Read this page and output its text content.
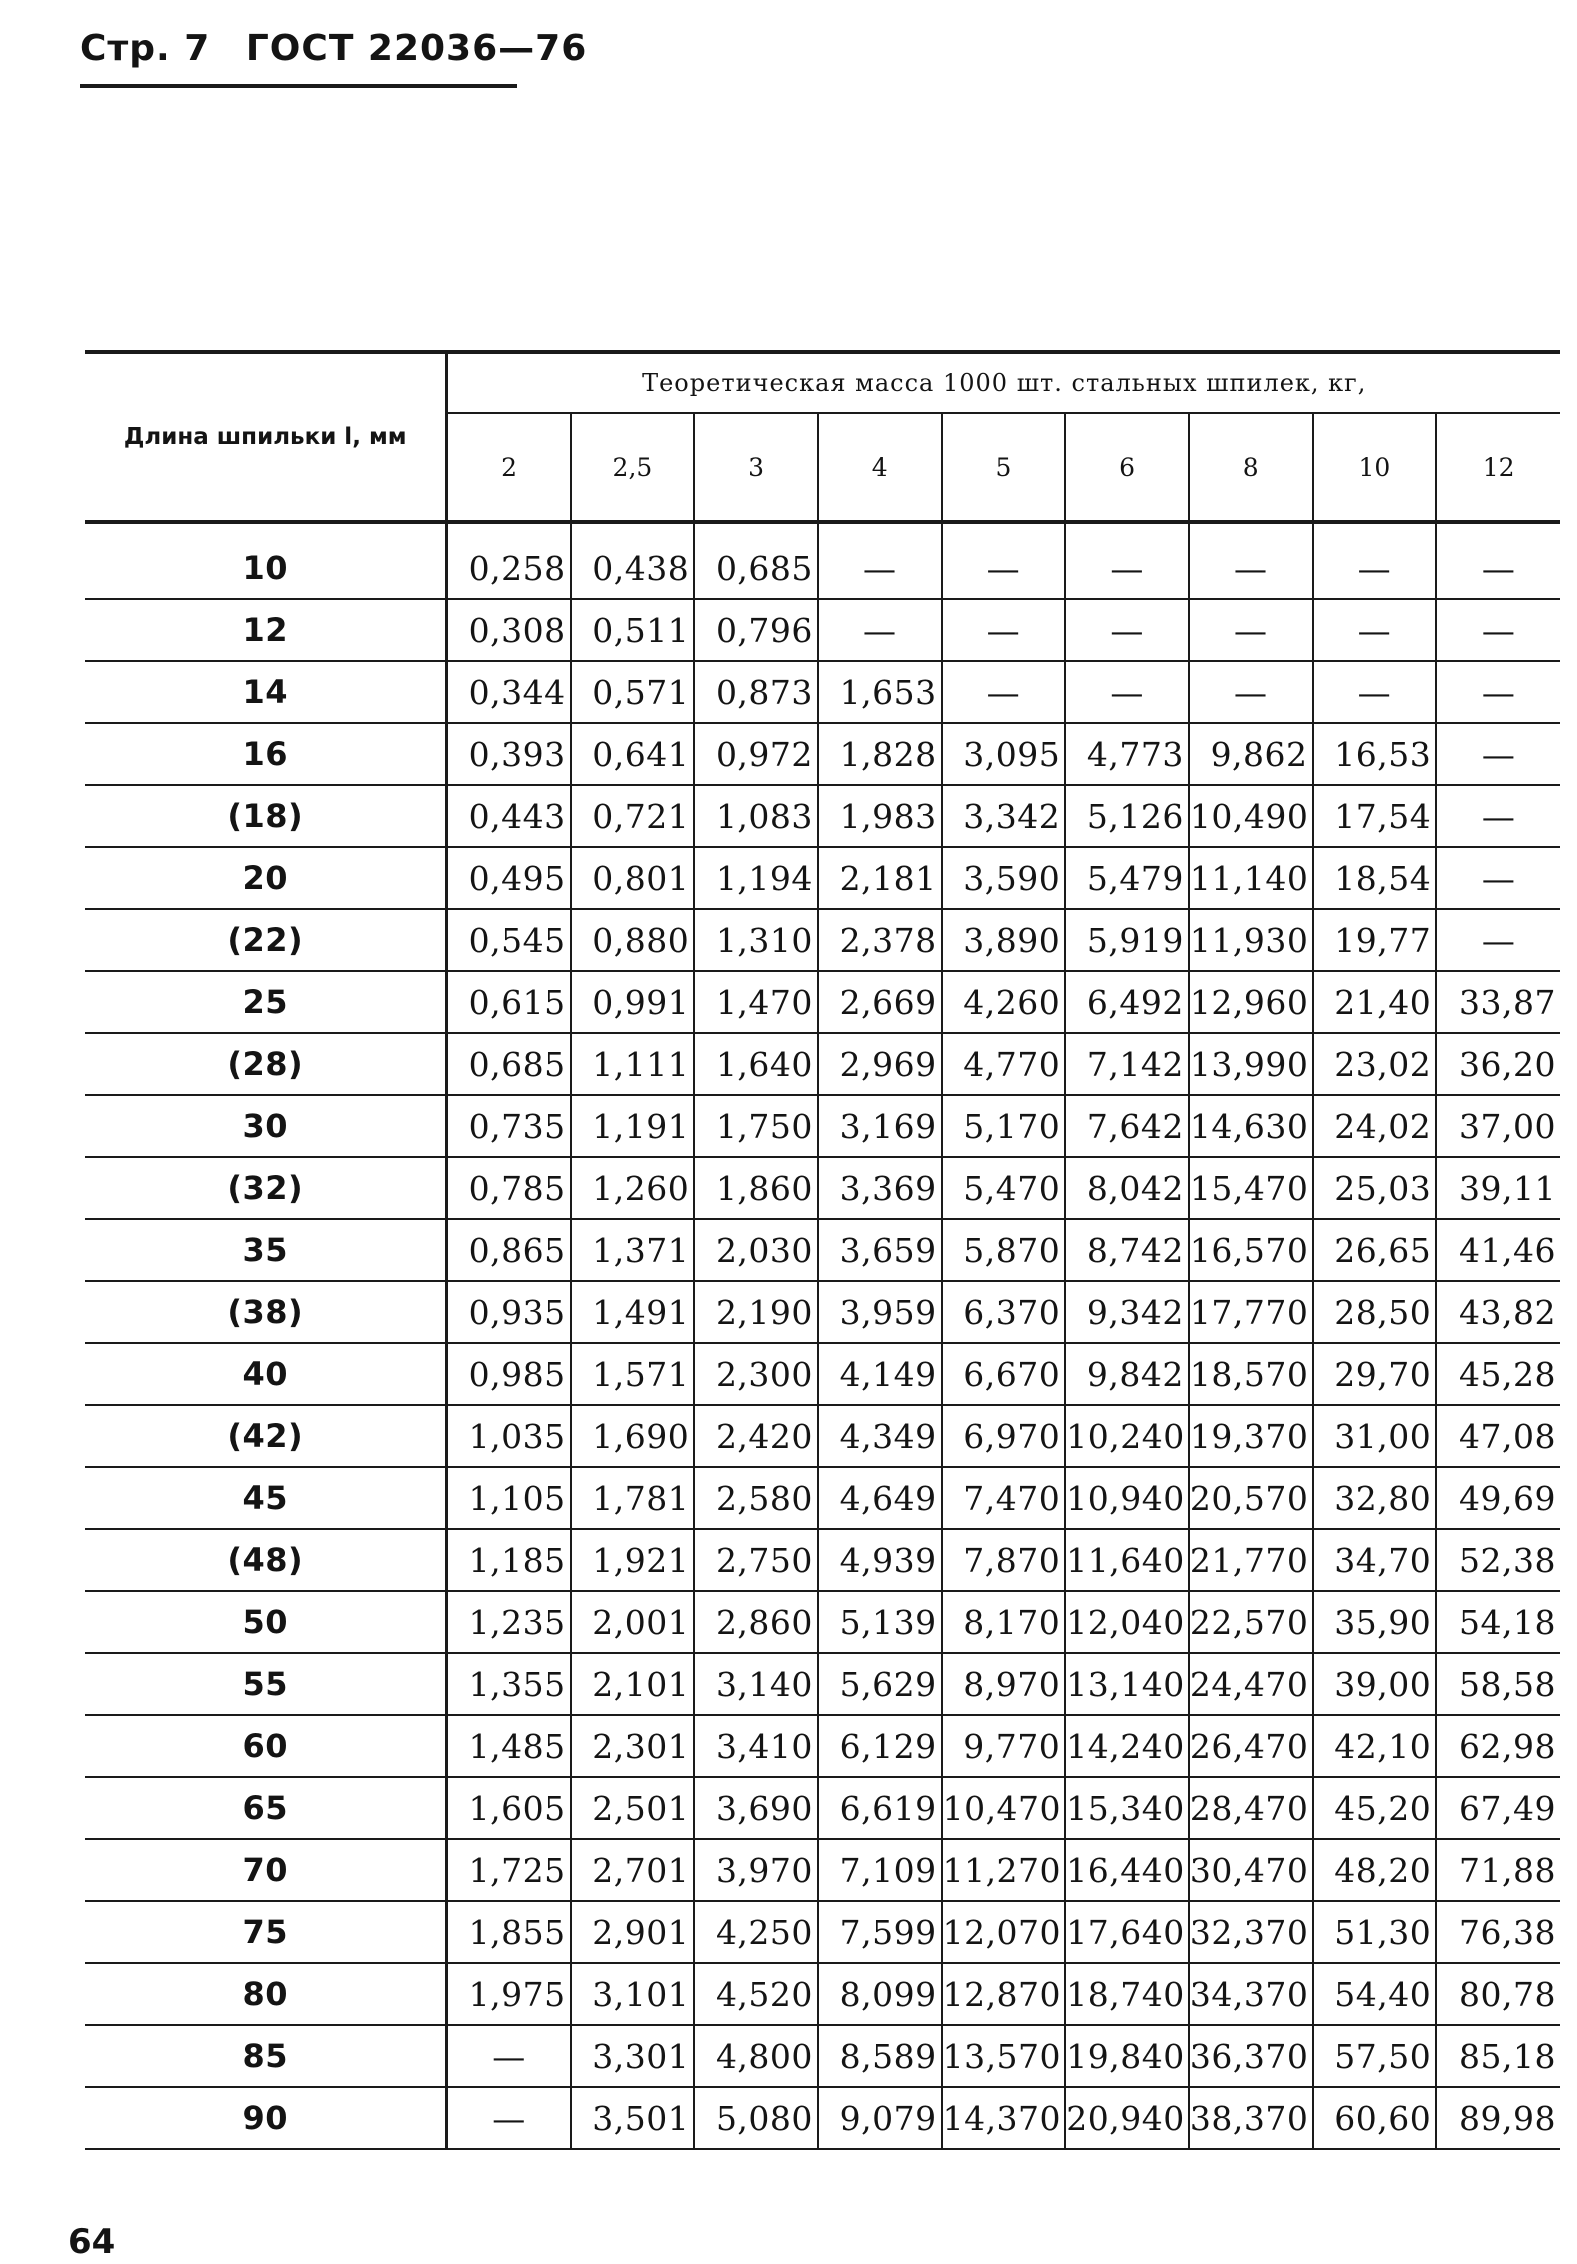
Стр. 7 ГОСТ 22036—76
Длина шпильки l, мм	Теоретическая масса 1000 шт. стальных шпилек, кг,								
	2	2,5	3	4	5	6	8	10	12
10	0,258	0,438	0,685	—	—	—	—	—	—
12	0,308	0,511	0,796	—	—	—	—	—	—
14	0,344	0,571	0,873	1,653	—	—	—	—	—
16	0,393	0,641	0,972	1,828	3,095	4,773	9,862	16,53	—
(18)	0,443	0,721	1,083	1,983	3,342	5,126	10,490	17,54	—
20	0,495	0,801	1,194	2,181	3,590	5,479	11,140	18,54	—
(22)	0,545	0,880	1,310	2,378	3,890	5,919	11,930	19,77	—
25	0,615	0,991	1,470	2,669	4,260	6,492	12,960	21,40	33,87
(28)	0,685	1,111	1,640	2,969	4,770	7,142	13,990	23,02	36,20
30	0,735	1,191	1,750	3,169	5,170	7,642	14,630	24,02	37,00
(32)	0,785	1,260	1,860	3,369	5,470	8,042	15,470	25,03	39,11
35	0,865	1,371	2,030	3,659	5,870	8,742	16,570	26,65	41,46
(38)	0,935	1,491	2,190	3,959	6,370	9,342	17,770	28,50	43,82
40	0,985	1,571	2,300	4,149	6,670	9,842	18,570	29,70	45,28
(42)	1,035	1,690	2,420	4,349	6,970	10,240	19,370	31,00	47,08
45	1,105	1,781	2,580	4,649	7,470	10,940	20,570	32,80	49,69
(48)	1,185	1,921	2,750	4,939	7,870	11,640	21,770	34,70	52,38
50	1,235	2,001	2,860	5,139	8,170	12,040	22,570	35,90	54,18
55	1,355	2,101	3,140	5,629	8,970	13,140	24,470	39,00	58,58
60	1,485	2,301	3,410	6,129	9,770	14,240	26,470	42,10	62,98
65	1,605	2,501	3,690	6,619	10,470	15,340	28,470	45,20	67,49
70	1,725	2,701	3,970	7,109	11,270	16,440	30,470	48,20	71,88
75	1,855	2,901	4,250	7,599	12,070	17,640	32,370	51,30	76,38
80	1,975	3,101	4,520	8,099	12,870	18,740	34,370	54,40	80,78
85	—	3,301	4,800	8,589	13,570	19,840	36,370	57,50	85,18
90	—	3,501	5,080	9,079	14,370	20,940	38,370	60,60	89,98
64
